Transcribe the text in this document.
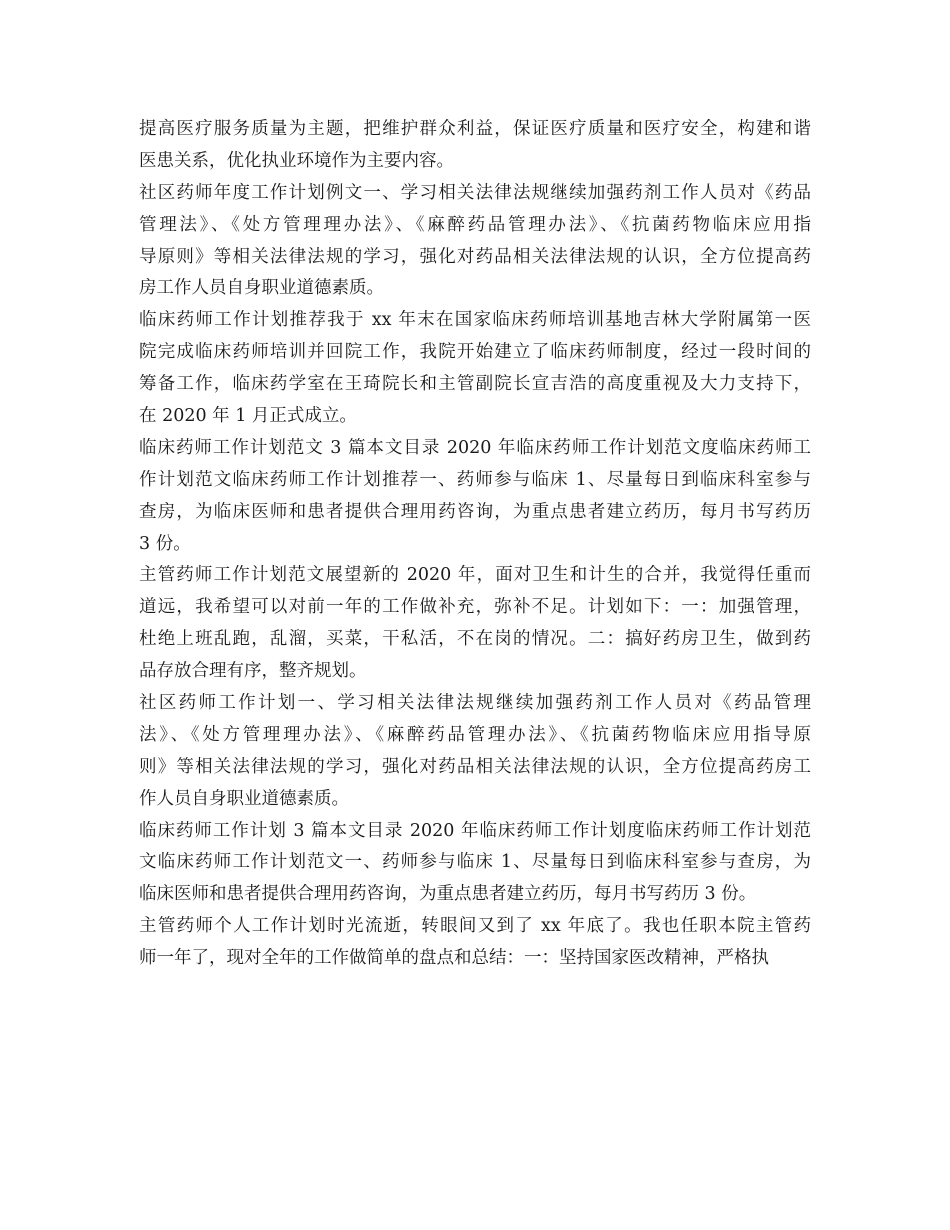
提高医疗服务质量为主题，把维护群众利益，保证医疗质量和医疗安全，构建和谐
医患关系，优化执业环境作为主要内容。

社区药师年度工作计划例文一、学习相关法律法规继续加强药剂工作人员对《药品
管理法》、《处方管理理办法》、《麻醉药品管理办法》、《抗菌药物临床应用指
导原则》等相关法律法规的学习，强化对药品相关法律法规的认识，全方位提高药
房工作人员自身职业道德素质。

临床药师工作计划推荐我于 xx 年末在国家临床药师培训基地吉林大学附属第一医
院完成临床药师培训并回院工作，我院开始建立了临床药师制度，经过一段时间的
筹备工作，临床药学室在王琦院长和主管副院长宣吉浩的高度重视及大力支持下，
在 2020 年 1 月正式成立。

临床药师工作计划范文 3 篇本文目录 2020 年临床药师工作计划范文度临床药师工
作计划范文临床药师工作计划推荐一、药师参与临床 1、尽量每日到临床科室参与
查房，为临床医师和患者提供合理用药咨询，为重点患者建立药历，每月书写药历
3 份。

主管药师工作计划范文展望新的 2020 年，面对卫生和计生的合并，我觉得任重而
道远，我希望可以对前一年的工作做补充，弥补不足。计划如下：一：加强管理，
杜绝上班乱跑，乱溜，买菜，干私活，不在岗的情况。二：搞好药房卫生，做到药
品存放合理有序，整齐规划。

社区药师工作计划一、学习相关法律法规继续加强药剂工作人员对《药品管理
法》、《处方管理理办法》、《麻醉药品管理办法》、《抗菌药物临床应用指导原
则》等相关法律法规的学习，强化对药品相关法律法规的认识，全方位提高药房工
作人员自身职业道德素质。

临床药师工作计划 3 篇本文目录 2020 年临床药师工作计划度临床药师工作计划范
文临床药师工作计划范文一、药师参与临床 1、尽量每日到临床科室参与查房，为
临床医师和患者提供合理用药咨询，为重点患者建立药历，每月书写药历 3 份。

主管药师个人工作计划时光流逝，转眼间又到了 xx 年底了。我也任职本院主管药
师一年了，现对全年的工作做简单的盘点和总结：一：坚持国家医改精神，严格执
